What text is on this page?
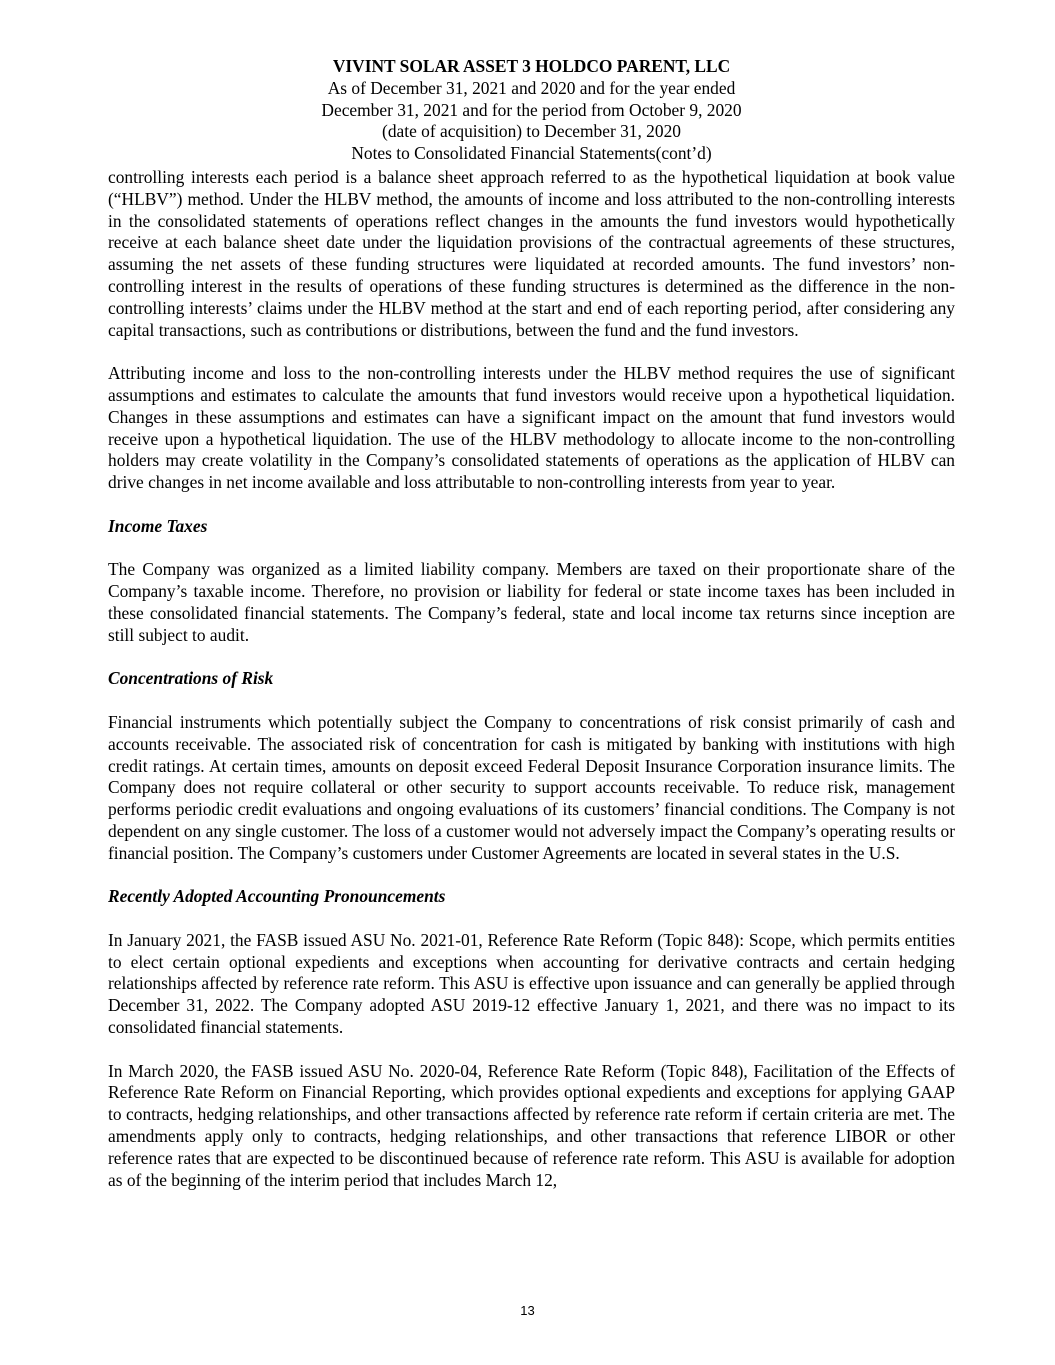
VIVINT SOLAR ASSET 3 HOLDCO PARENT, LLC
As of December 31, 2021 and 2020 and for the year ended
December 31, 2021 and for the period from October 9, 2020
(date of acquisition) to December 31, 2020
Notes to Consolidated Financial Statements(cont’d)

controlling interests each period is a balance sheet approach referred to as the hypothetical liquidation at book value (“HLBV”) method. Under the HLBV method, the amounts of income and loss attributed to the non-controlling interests in the consolidated statements of operations reflect changes in the amounts the fund investors would hypothetically receive at each balance sheet date under the liquidation provisions of the contractual agreements of these structures, assuming the net assets of these funding structures were liquidated at recorded amounts. The fund investors’ non-controlling interest in the results of operations of these funding structures is determined as the difference in the non-controlling interests’ claims under the HLBV method at the start and end of each reporting period, after considering any capital transactions, such as contributions or distributions, between the fund and the fund investors.

Attributing income and loss to the non-controlling interests under the HLBV method requires the use of significant assumptions and estimates to calculate the amounts that fund investors would receive upon a hypothetical liquidation. Changes in these assumptions and estimates can have a significant impact on the amount that fund investors would receive upon a hypothetical liquidation. The use of the HLBV methodology to allocate income to the non-controlling holders may create volatility in the Company’s consolidated statements of operations as the application of HLBV can drive changes in net income available and loss attributable to non-controlling interests from year to year.

Income Taxes

The Company was organized as a limited liability company. Members are taxed on their proportionate share of the Company’s taxable income. Therefore, no provision or liability for federal or state income taxes has been included in these consolidated financial statements. The Company’s federal, state and local income tax returns since inception are still subject to audit.

Concentrations of Risk

Financial instruments which potentially subject the Company to concentrations of risk consist primarily of cash and accounts receivable. The associated risk of concentration for cash is mitigated by banking with institutions with high credit ratings. At certain times, amounts on deposit exceed Federal Deposit Insurance Corporation insurance limits. The Company does not require collateral or other security to support accounts receivable. To reduce risk, management performs periodic credit evaluations and ongoing evaluations of its customers’ financial conditions. The Company is not dependent on any single customer. The loss of a customer would not adversely impact the Company’s operating results or financial position. The Company’s customers under Customer Agreements are located in several states in the U.S.

Recently Adopted Accounting Pronouncements

In January 2021, the FASB issued ASU No. 2021-01, Reference Rate Reform (Topic 848): Scope, which permits entities to elect certain optional expedients and exceptions when accounting for derivative contracts and certain hedging relationships affected by reference rate reform. This ASU is effective upon issuance and can generally be applied through December 31, 2022. The Company adopted ASU 2019-12 effective January 1, 2021, and there was no impact to its consolidated financial statements.

In March 2020, the FASB issued ASU No. 2020-04, Reference Rate Reform (Topic 848), Facilitation of the Effects of Reference Rate Reform on Financial Reporting, which provides optional expedients and exceptions for applying GAAP to contracts, hedging relationships, and other transactions affected by reference rate reform if certain criteria are met. The amendments apply only to contracts, hedging relationships, and other transactions that reference LIBOR or other reference rates that are expected to be discontinued because of reference rate reform. This ASU is available for adoption as of the beginning of the interim period that includes March 12,

13
